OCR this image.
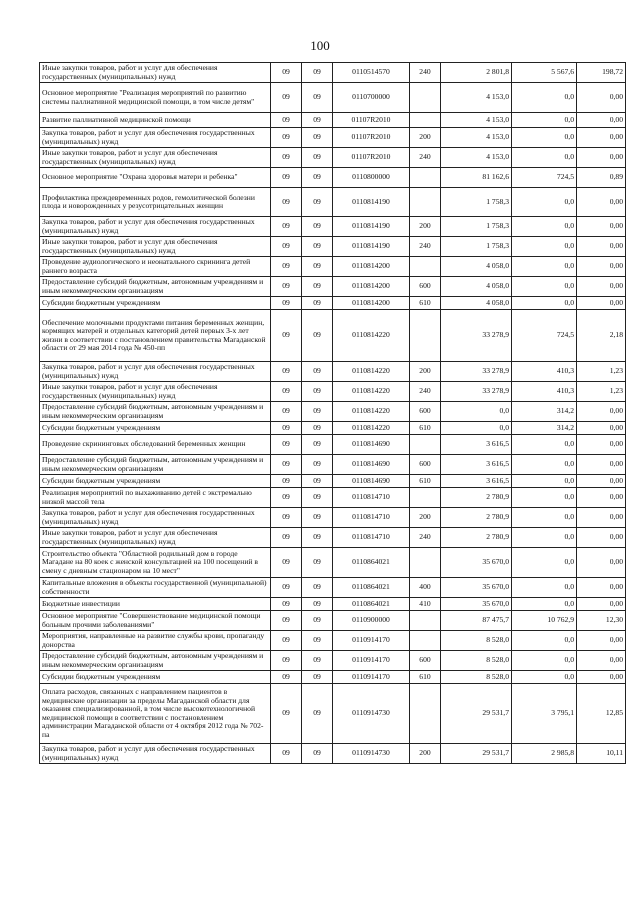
100
Иные закупки товаров, работ и услуг для обеспечения государственных (муниципальных) нужд	09	09	0110514570	240	2 801,8	5 567,6	198,72
Основное мероприятие "Реализация мероприятий по развитию системы паллиативной медицинской помощи, в том числе детям"	09	09	0110700000		4 153,0	0,0	0,00
Развитие паллиативной медицинской помощи	09	09	01107R2010		4 153,0	0,0	0,00
Закупка товаров, работ и услуг для обеспечения государственных (муниципальных) нужд	09	09	01107R2010	200	4 153,0	0,0	0,00
Иные закупки товаров, работ и услуг для обеспечения государственных (муниципальных) нужд	09	09	01107R2010	240	4 153,0	0,0	0,00
Основное мероприятие "Охрана здоровья матери и ребенка"	09	09	0110800000		81 162,6	724,5	0,89
Профилактика преждевременных родов, гемолитической болезни плода и новорожденных у резусотрицательных женщин	09	09	0110814190		1 758,3	0,0	0,00
Закупка товаров, работ и услуг для обеспечения государственных (муниципальных) нужд	09	09	0110814190	200	1 758,3	0,0	0,00
Иные закупки товаров, работ и услуг для обеспечения государственных (муниципальных) нужд	09	09	0110814190	240	1 758,3	0,0	0,00
Проведение аудиологического и неонатального скрининга детей раннего возраста	09	09	0110814200		4 058,0	0,0	0,00
Предоставление субсидий бюджетным, автономным учреждениям и иным некоммерческим организациям	09	09	0110814200	600	4 058,0	0,0	0,00
Субсидии бюджетным учреждениям	09	09	0110814200	610	4 058,0	0,0	0,00
Обеспечение молочными продуктами питания беременных женщин, кормящих матерей и отдельных категорий детей первых 3-х лет жизни в соответствии с постановлением правительства Магаданской области от 29 мая 2014 года № 450-пп	09	09	0110814220		33 278,9	724,5	2,18
Закупка товаров, работ и услуг для обеспечения государственных (муниципальных) нужд	09	09	0110814220	200	33 278,9	410,3	1,23
Иные закупки товаров, работ и услуг для обеспечения государственных (муниципальных) нужд	09	09	0110814220	240	33 278,9	410,3	1,23
Предоставление субсидий бюджетным, автономным учреждениям и иным некоммерческим организациям	09	09	0110814220	600	0,0	314,2	0,00
Субсидии бюджетным учреждениям	09	09	0110814220	610	0,0	314,2	0,00
Проведение скрининговых обследований беременных женщин	09	09	0110814690		3 616,5	0,0	0,00
Предоставление субсидий бюджетным, автономным учреждениям и иным некоммерческим организациям	09	09	0110814690	600	3 616,5	0,0	0,00
Субсидии бюджетным учреждениям	09	09	0110814690	610	3 616,5	0,0	0,00
Реализация мероприятий по выхаживанию детей с экстремально низкой массой тела	09	09	0110814710		2 780,9	0,0	0,00
Закупка товаров, работ и услуг для обеспечения государственных (муниципальных) нужд	09	09	0110814710	200	2 780,9	0,0	0,00
Иные закупки товаров, работ и услуг для обеспечения государственных (муниципальных) нужд	09	09	0110814710	240	2 780,9	0,0	0,00
Строительство объекта "Областной родильный дом в городе Магадане на 80 коек с женской консультацией на 100 посещений в смену с дневным стационаром на 10 мест"	09	09	0110864021		35 670,0	0,0	0,00
Капитальные вложения в объекты государственной (муниципальной) собственности	09	09	0110864021	400	35 670,0	0,0	0,00
Бюджетные инвестиции	09	09	0110864021	410	35 670,0	0,0	0,00
Основное мероприятие "Совершенствование медицинской помощи больным прочими заболеваниями"	09	09	0110900000		87 475,7	10 762,9	12,30
Мероприятия, направленные на развитие службы крови, пропаганду донорства	09	09	0110914170		8 528,0	0,0	0,00
Предоставление субсидий бюджетным, автономным учреждениям и иным некоммерческим организациям	09	09	0110914170	600	8 528,0	0,0	0,00
Субсидии бюджетным учреждениям	09	09	0110914170	610	8 528,0	0,0	0,00
Оплата расходов, связанных с направлением пациентов в медицинские организации за пределы Магаданской области для оказания специализированной, в том числе высокотехнологичной медицинской помощи в соответствии с постановлением администрации Магаданской области от 4 октября 2012 года № 702-па	09	09	0110914730		29 531,7	3 795,1	12,85
Закупка товаров, работ и услуг для обеспечения государственных (муниципальных) нужд	09	09	0110914730	200	29 531,7	2 985,8	10,11
